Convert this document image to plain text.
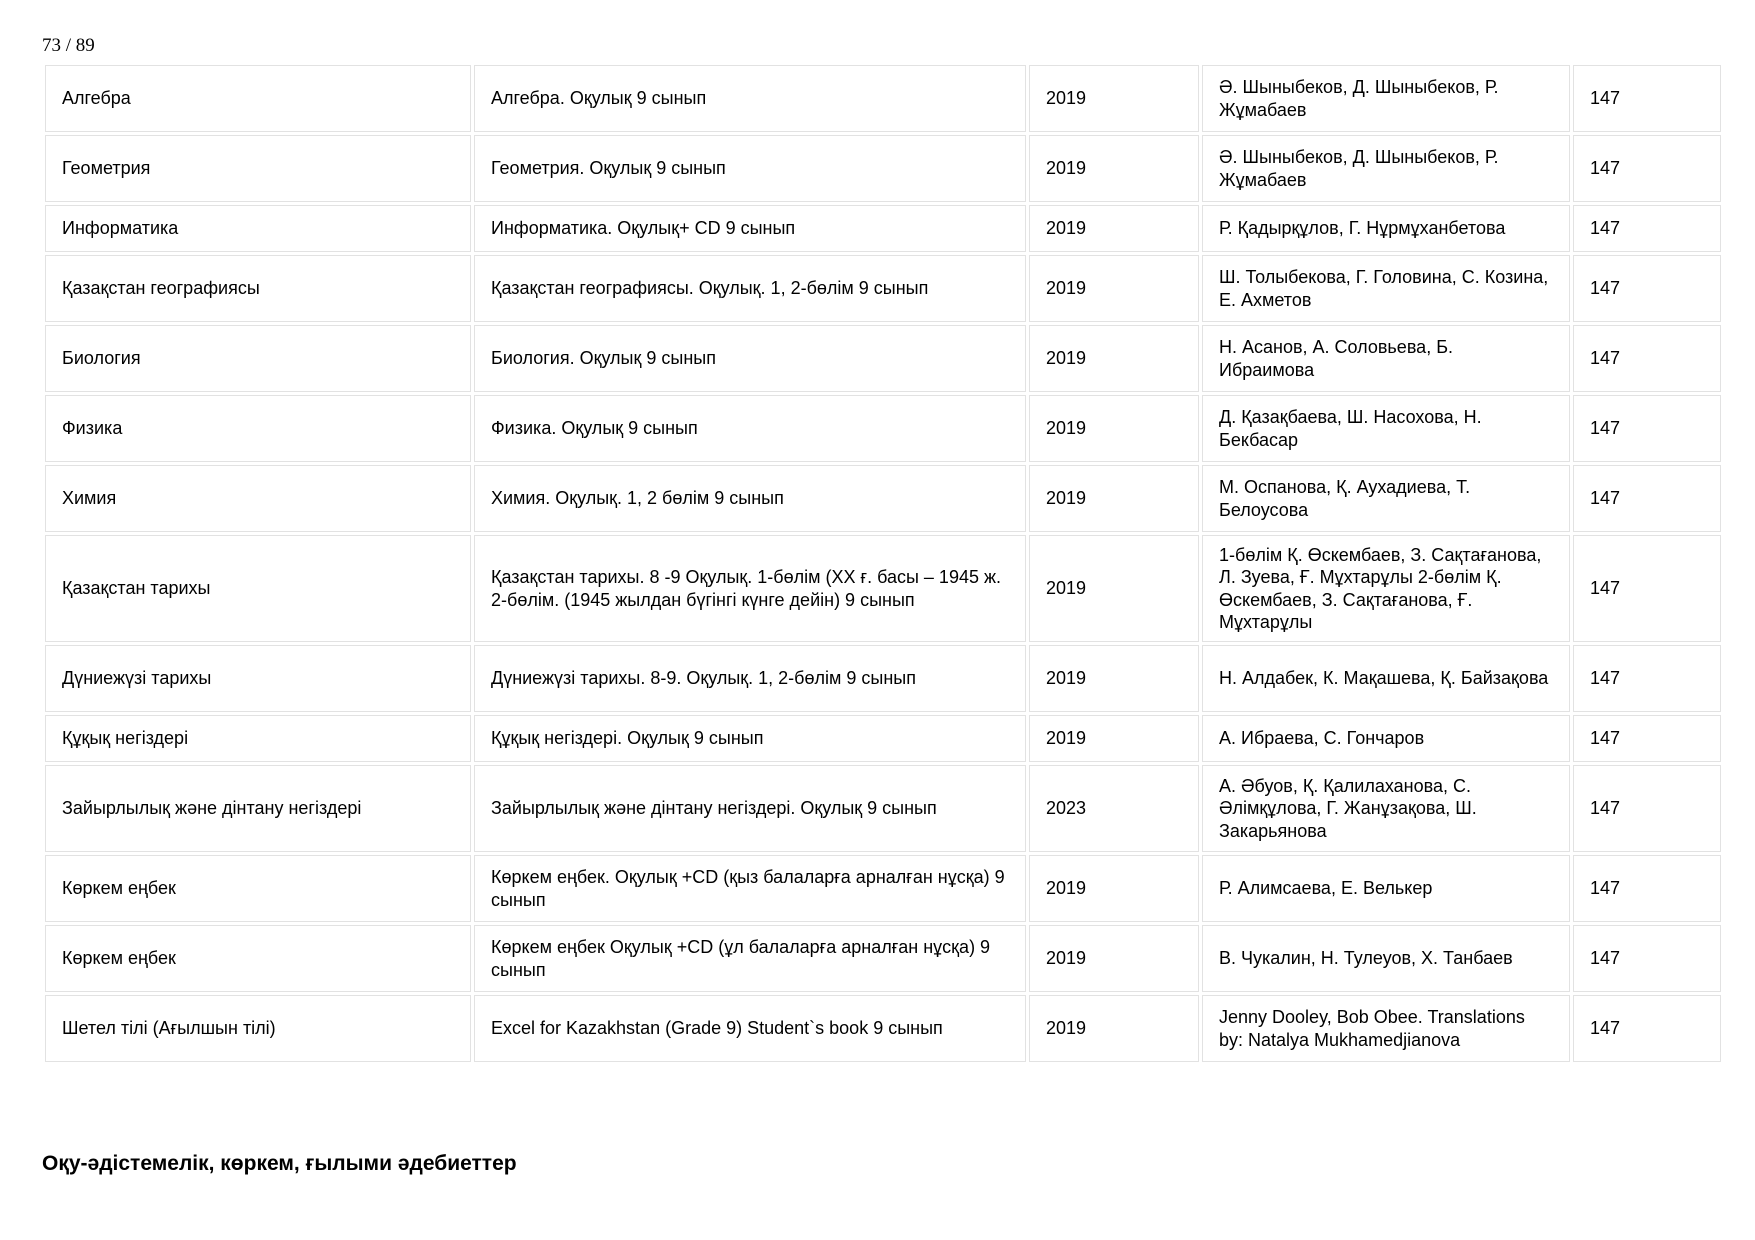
73 / 89
Алгебра	Алгебра. Оқулық 9 сынып	2019	Ә. Шыныбеков, Д. Шыныбеков, Р. Жұмабаев	147
Геометрия	Геометрия. Оқулық 9 сынып	2019	Ә. Шыныбеков, Д. Шыныбеков, Р. Жұмабаев	147
Информатика	Информатика. Оқулық+ CD 9 сынып	2019	Р. Қадырқұлов, Г. Нұрмұханбетова	147
Қазақстан географиясы	Қазақстан географиясы. Оқулық. 1, 2-бөлім 9 сынып	2019	Ш. Толыбекова, Г. Головина, С. Козина, Е. Ахметов	147
Биология	Биология. Оқулық 9 сынып	2019	Н. Асанов, А. Соловьева, Б. Ибраимова	147
Физика	Физика. Оқулық 9 сынып	2019	Д. Қазақбаева, Ш. Насохова, Н. Бекбасар	147
Химия	Химия. Оқулық. 1, 2 бөлім 9 сынып	2019	М. Оспанова, Қ. Аухадиева, Т. Белоусова	147
Қазақстан тарихы	Қазақстан тарихы. 8 -9 Оқулық. 1-бөлім (XX ғ. басы – 1945 ж. 2-бөлім. (1945 жылдан бүгінгі күнге дейін) 9 сынып	2019	1-бөлім Қ. Өскембаев, З. Сақтағанова, Л. Зуева, Ғ. Мұхтарұлы 2-бөлім Қ. Өскембаев, З. Сақтағанова, Ғ. Мұхтарұлы	147
Дүниежүзі тарихы	Дүниежүзі тарихы. 8-9. Оқулық. 1, 2-бөлім 9 сынып	2019	Н. Алдабек, К. Мақашева, Қ. Байзақова	147
Құқық негіздері	Құқық негіздері. Оқулық 9 сынып	2019	А. Ибраева, С. Гончаров	147
Зайырлылық және дінтану негіздері	Зайырлылық және дінтану негіздері. Оқулық 9 сынып	2023	А. Әбуов, Қ. Қалилаханова, С. Әлімқұлова, Г. Жанұзақова, Ш. Закарьянова	147
Көркем еңбек	Көркем еңбек. Оқулық +CD (қыз балаларға арналған нұсқа) 9 сынып	2019	Р. Алимсаева, Е. Велькер	147
Көркем еңбек	Көркем еңбек Оқулық +CD (ұл балаларға арналған нұсқа) 9 сынып	2019	В. Чукалин, Н. Тулеуов, Х. Танбаев	147
Шетел тілі (Ағылшын тілі)	Excel for Kazakhstan (Grade 9) Student`s book 9 сынып	2019	Jenny Dooley, Bob Obee. Translations by: Natalya Mukhamedjianova	147
Оқу-әдістемелік, көркем, ғылыми әдебиеттер
